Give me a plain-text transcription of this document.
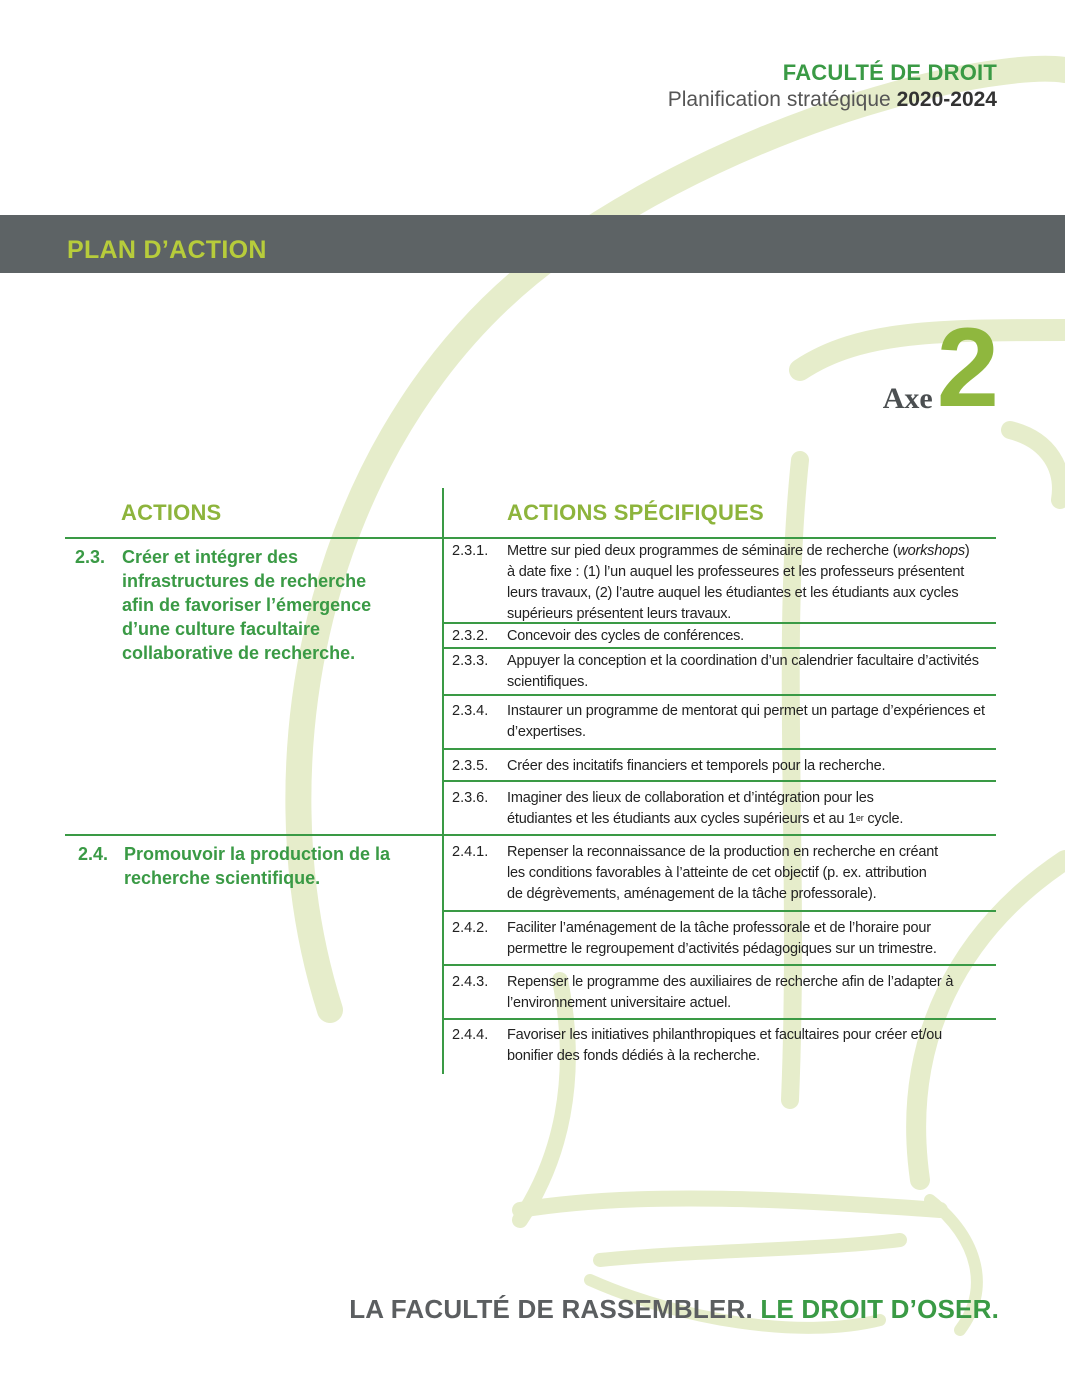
FACULTÉ DE DROIT
Planification stratégique 2020-2024
PLAN D’ACTION
Axe 2
ACTIONS	ACTIONS SPÉCIFIQUES
2.3. Créer et intégrer des infrastructures de recherche afin de favoriser l’émergence d’une culture facultaire collaborative de recherche.
2.4. Promouvoir la production de la recherche scientifique.
2.3.1. Mettre sur pied deux programmes de séminaire de recherche (workshops) à date fixe : (1) l’un auquel les professeures et les professeurs présentent leurs travaux, (2) l’autre auquel les étudiantes et les étudiants aux cycles supérieurs présentent leurs travaux.
2.3.2. Concevoir des cycles de conférences.
2.3.3. Appuyer la conception et la coordination d’un calendrier facultaire d’activités scientifiques.
2.3.4. Instaurer un programme de mentorat qui permet un partage d’expériences et d’expertises.
2.3.5. Créer des incitatifs financiers et temporels pour la recherche.
2.3.6. Imaginer des lieux de collaboration et d’intégration pour les étudiantes et les étudiants aux cycles supérieurs et au 1er cycle.
2.4.1. Repenser la reconnaissance de la production en recherche en créant
les conditions favorables à l’atteinte de cet objectif (p. ex. attribution
de dégrèvements, aménagement de la tâche professorale).
2.4.2. Faciliter l’aménagement de la tâche professorale et de l’horaire pour permettre le regroupement d’activités pédagogiques sur un trimestre.
2.4.3. Repenser le programme des auxiliaires de recherche afin de l’adapter à l’environnement universitaire actuel.
2.4.4. Favoriser les initiatives philanthropiques et facultaires pour créer et/ou bonifier des fonds dédiés à la recherche.
LA FACULTÉ DE RASSEMBLER. LE DROIT D’OSER.
